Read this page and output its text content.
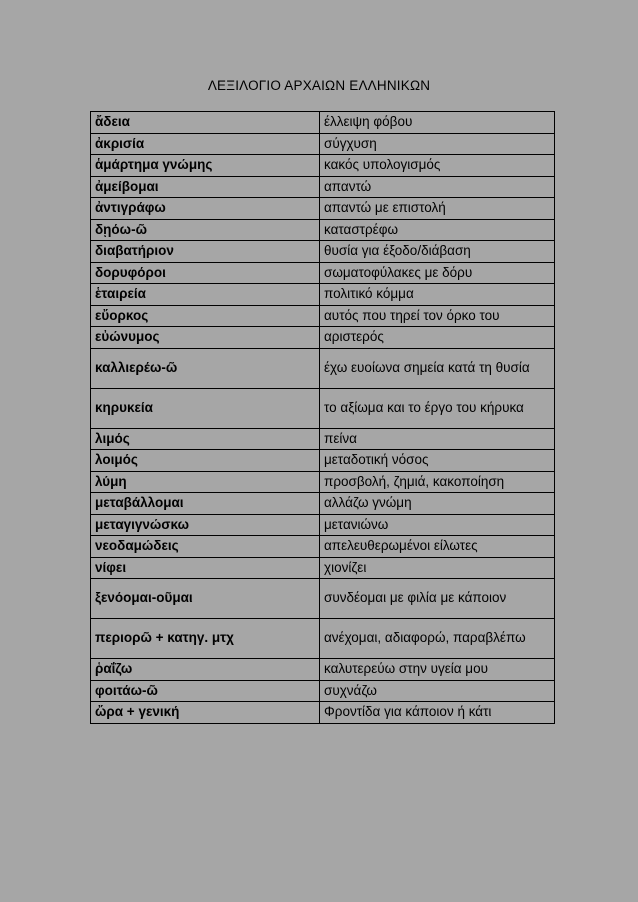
ΛΕΞΙΛΟΓΙΟ ΑΡΧΑΙΩΝ ΕΛΛΗΝΙΚΩΝ
ἄδεια	έλλειψη φόβου
ἀκρισία	σύγχυση
ἁμάρτημα γνώμης	κακός υπολογισμός
ἀμείβομαι	απαντώ
ἀντιγράφω	απαντώ με επιστολή
δῃόω-ῶ	καταστρέφω
διαβατήριον	θυσία για έξοδο/διάβαση
δορυφόροι	σωματοφύλακες με δόρυ
ἑταιρεία	πολιτικό κόμμα
εὔορκος	αυτός που τηρεί τον όρκο του
εὐώνυμος	αριστερός
καλλιερέω-ῶ	έχω ευοίωνα σημεία κατά τη θυσία
κηρυκεία	το αξίωμα και το έργο του κήρυκα
λιμός	πείνα
λοιμός	μεταδοτική νόσος
λύμη	προσβολή, ζημιά, κακοποίηση
μεταβάλλομαι	αλλάζω γνώμη
μεταγιγνώσκω	μετανιώνω
νεοδαμώδεις	απελευθερωμένοι είλωτες
νίφει	χιονίζει
ξενόομαι-οῦμαι	συνδέομαι με φιλία με κάποιον
περιορῶ + κατηγ. μτχ	ανέχομαι, αδιαφορώ, παραβλέπω
ῥαΐζω	καλυτερεύω στην υγεία μου
φοιτάω-ῶ	συχνάζω
ὤρα + γενική	Φροντίδα για κάποιον ή κάτι
